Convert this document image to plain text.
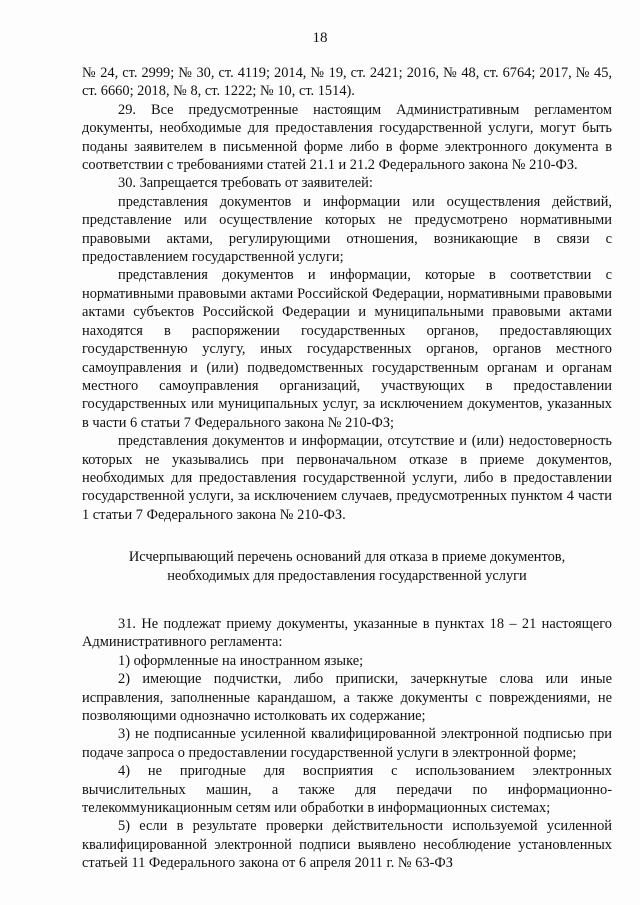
18

№ 24, ст. 2999; № 30, ст. 4119; 2014, № 19, ст. 2421; 2016, № 48, ст. 6764; 2017, № 45, ст. 6660; 2018, № 8, ст. 1222; № 10, ст. 1514).

29. Все предусмотренные настоящим Административным регламентом документы, необходимые для предоставления государственной услуги, могут быть поданы заявителем в письменной форме либо в форме электронного документа в соответствии с требованиями статей 21.1 и 21.2 Федерального закона № 210-ФЗ.

30. Запрещается требовать от заявителей:

представления документов и информации или осуществления действий, представление или осуществление которых не предусмотрено нормативными правовыми актами, регулирующими отношения, возникающие в связи с предоставлением государственной услуги;

представления документов и информации, которые в соответствии с нормативными правовыми актами Российской Федерации, нормативными правовыми актами субъектов Российской Федерации и муниципальными правовыми актами находятся в распоряжении государственных органов, предоставляющих государственную услугу, иных государственных органов, органов местного самоуправления и (или) подведомственных государственным органам и органам местного самоуправления организаций, участвующих в предоставлении государственных или муниципальных услуг, за исключением документов, указанных в части 6 статьи 7 Федерального закона № 210-ФЗ;

представления документов и информации, отсутствие и (или) недостоверность которых не указывались при первоначальном отказе в приеме документов, необходимых для предоставления государственной услуги, либо в предоставлении государственной услуги, за исключением случаев, предусмотренных пунктом 4 части 1 статьи 7 Федерального закона № 210-ФЗ.

Исчерпывающий перечень оснований для отказа в приеме документов,
необходимых для предоставления государственной услуги

31. Не подлежат приему документы, указанные в пунктах 18 – 21 настоящего Административного регламента:

1) оформленные на иностранном языке;

2) имеющие подчистки, либо приписки, зачеркнутые слова или иные исправления, заполненные карандашом, а также документы с повреждениями, не позволяющими однозначно истолковать их содержание;

3) не подписанные усиленной квалифицированной электронной подписью при подаче запроса о предоставлении государственной услуги в электронной форме;

4) не пригодные для восприятия с использованием электронных вычислительных машин, а также для передачи по информационно-телекоммуникационным сетям или обработки в информационных системах;

5) если в результате проверки действительности используемой усиленной квалифицированной электронной подписи выявлено несоблюдение установленных статьей 11 Федерального закона от 6 апреля 2011 г. № 63-ФЗ
